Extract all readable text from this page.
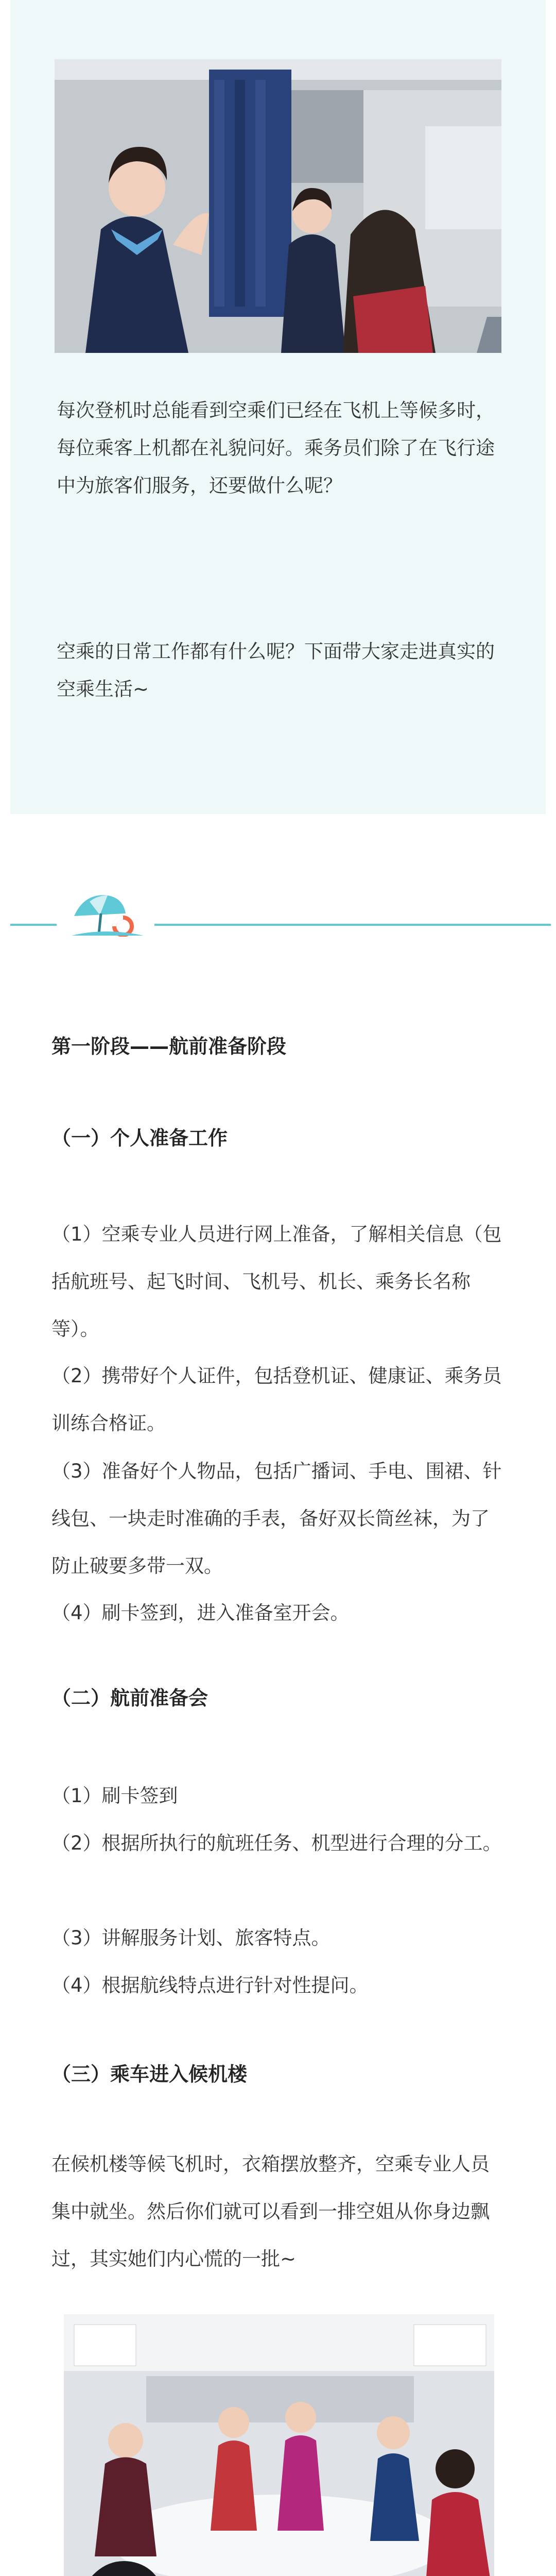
每次登机时总能看到空乘们已经在飞机上等候多时，每位乘客上机都在礼貌问好。乘务员们除了在飞行途中为旅客们服务，还要做什么呢？

空乘的日常工作都有什么呢？下面带大家走进真实的空乘生活~

第一阶段——航前准备阶段

（一）个人准备工作

（1）空乘专业人员进行网上准备，了解相关信息（包括航班号、起飞时间、飞机号、机长、乘务长名称等）。

（2）携带好个人证件，包括登机证、健康证、乘务员训练合格证。

（3）准备好个人物品，包括广播词、手电、围裙、针线包、一块走时准确的手表，备好双长筒丝袜，为了防止破要多带一双。

（4）刷卡签到，进入准备室开会。

（二）航前准备会

（1）刷卡签到

（2）根据所执行的航班任务、机型进行合理的分工。

（3）讲解服务计划、旅客特点。

（4）根据航线特点进行针对性提问。

（三）乘车进入候机楼

在候机楼等候飞机时，衣箱摆放整齐，空乘专业人员集中就坐。然后你们就可以看到一排空姐从你身边飘过，其实她们内心慌的一批~
